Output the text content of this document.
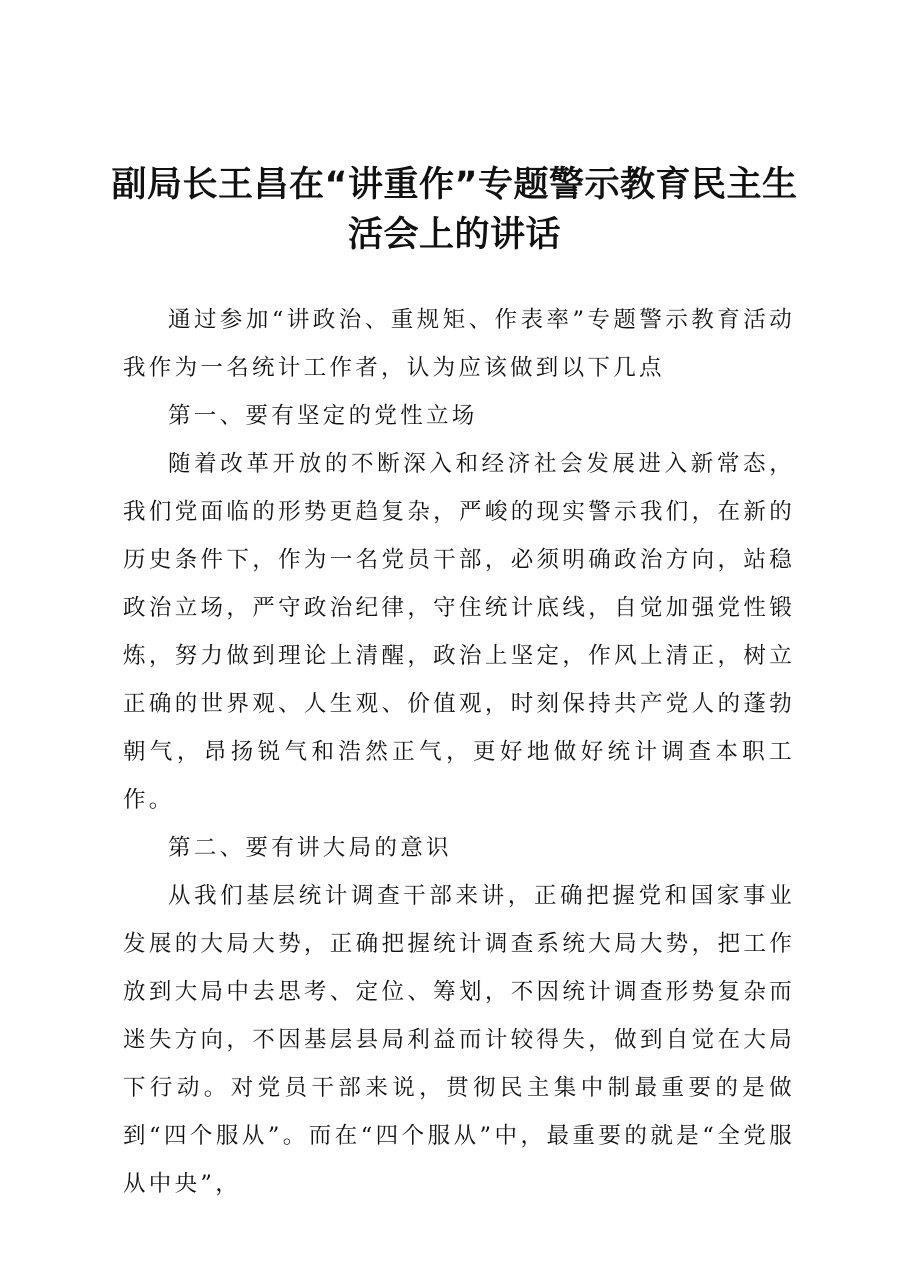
副局长王昌在“讲重作”专题警示教育民主生
活会上的讲话

通过参加“讲政治、重规矩、作表率”专题警示教育活动我作为一名统计工作者，认为应该做到以下几点

第一、要有坚定的党性立场

随着改革开放的不断深入和经济社会发展进入新常态，我们党面临的形势更趋复杂，严峻的现实警示我们，在新的历史条件下，作为一名党员干部，必须明确政治方向，站稳政治立场，严守政治纪律，守住统计底线，自觉加强党性锻炼，努力做到理论上清醒，政治上坚定，作风上清正，树立正确的世界观、人生观、价值观，时刻保持共产党人的蓬勃朝气，昂扬锐气和浩然正气，更好地做好统计调查本职工作。

第二、要有讲大局的意识

从我们基层统计调查干部来讲，正确把握党和国家事业发展的大局大势，正确把握统计调查系统大局大势，把工作放到大局中去思考、定位、筹划，不因统计调查形势复杂而迷失方向，不因基层县局利益而计较得失，做到自觉在大局下行动。对党员干部来说，贯彻民主集中制最重要的是做到“四个服从”。而在“四个服从”中，最重要的就是“全党服从中央”，
